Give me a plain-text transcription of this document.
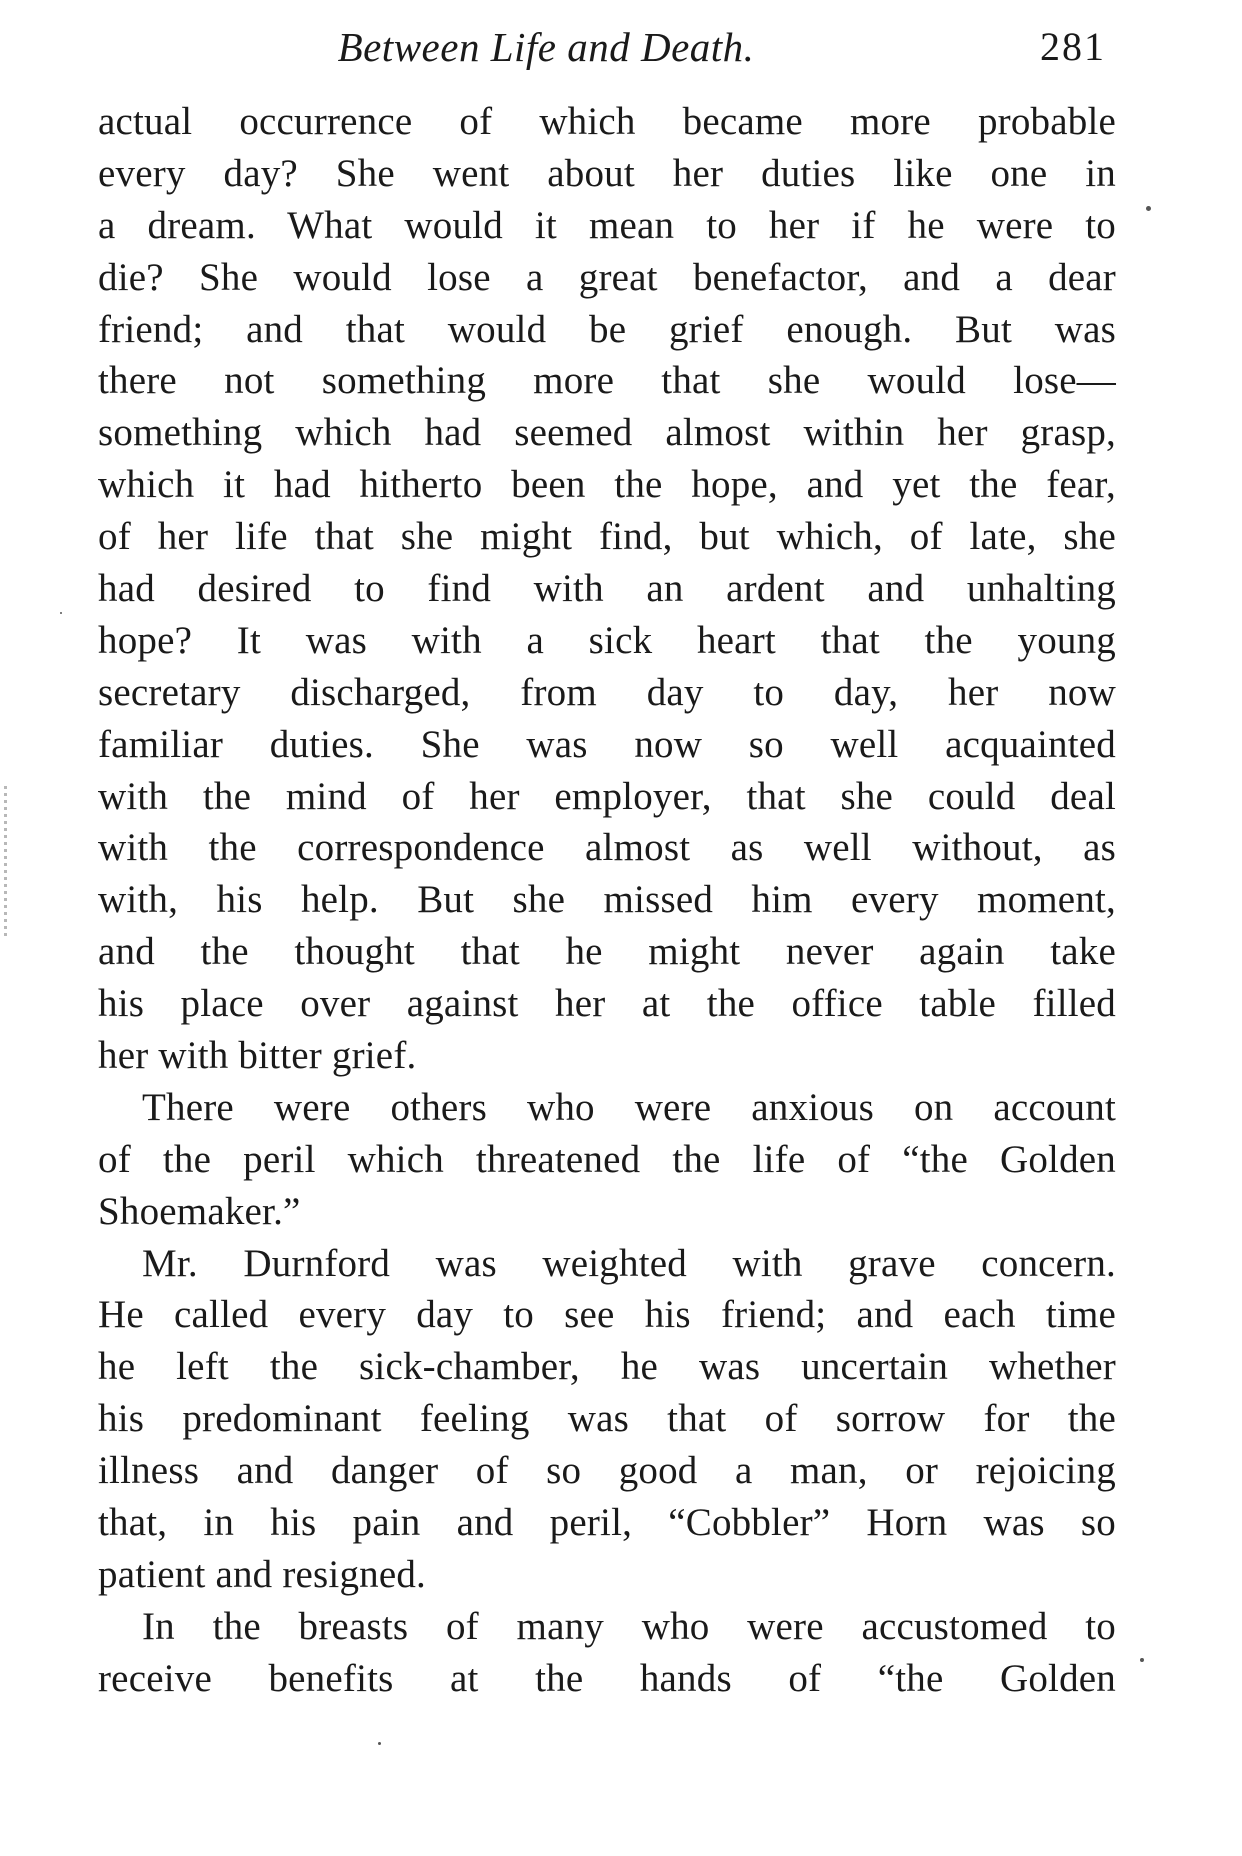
Between Life and Death.	281
actual occurrence of which became more probable
every day? She went about her duties like one in
a dream. What would it mean to her if he were to
die? She would lose a great benefactor, and a dear
friend; and that would be grief enough. But was
there not something more that she would lose—
something which had seemed almost within her grasp,
which it had hitherto been the hope, and yet the fear,
of her life that she might find, but which, of late, she
had desired to find with an ardent and unhalting
hope? It was with a sick heart that the young
secretary discharged, from day to day, her now
familiar duties. She was now so well acquainted
with the mind of her employer, that she could deal
with the correspondence almost as well without, as
with, his help. But she missed him every moment,
and the thought that he might never again take
his place over against her at the office table filled
her with bitter grief.
There were others who were anxious on account
of the peril which threatened the life of “the Golden
Shoemaker.”
Mr. Durnford was weighted with grave concern.
He called every day to see his friend; and each time
he left the sick-chamber, he was uncertain whether
his predominant feeling was that of sorrow for the
illness and danger of so good a man, or rejoicing
that, in his pain and peril, “Cobbler” Horn was so
patient and resigned.
In the breasts of many who were accustomed to
receive benefits at the hands of “the Golden
